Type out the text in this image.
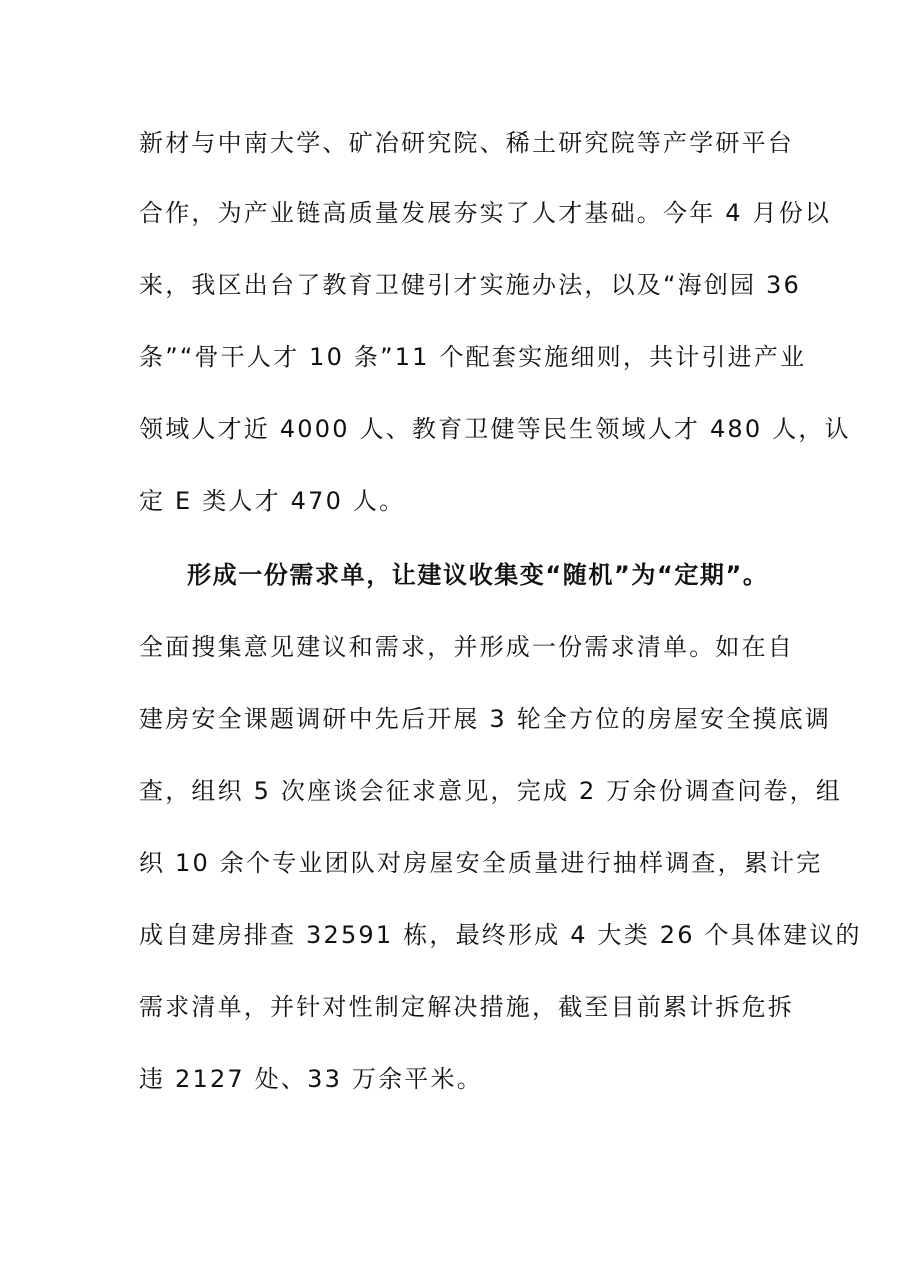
新材与中南大学、矿冶研究院、稀土研究院等产学研平台
合作，为产业链高质量发展夯实了人才基础。今年 4 月份以
来，我区出台了教育卫健引才实施办法，以及“海创园 36
条”“骨干人才 10 条”11 个配套实施细则，共计引进产业
领域人才近 4000 人、教育卫健等民生领域人才 480 人，认
定 E 类人才 470 人。
形成一份需求单，让建议收集变“随机”为“定期”。
全面搜集意见建议和需求，并形成一份需求清单。如在自
建房安全课题调研中先后开展 3 轮全方位的房屋安全摸底调
查，组织 5 次座谈会征求意见，完成 2 万余份调查问卷，组
织 10 余个专业团队对房屋安全质量进行抽样调查，累计完
成自建房排查 32591 栋，最终形成 4 大类 26 个具体建议的
需求清单，并针对性制定解决措施，截至目前累计拆危拆
违 2127 处、33 万余平米。
